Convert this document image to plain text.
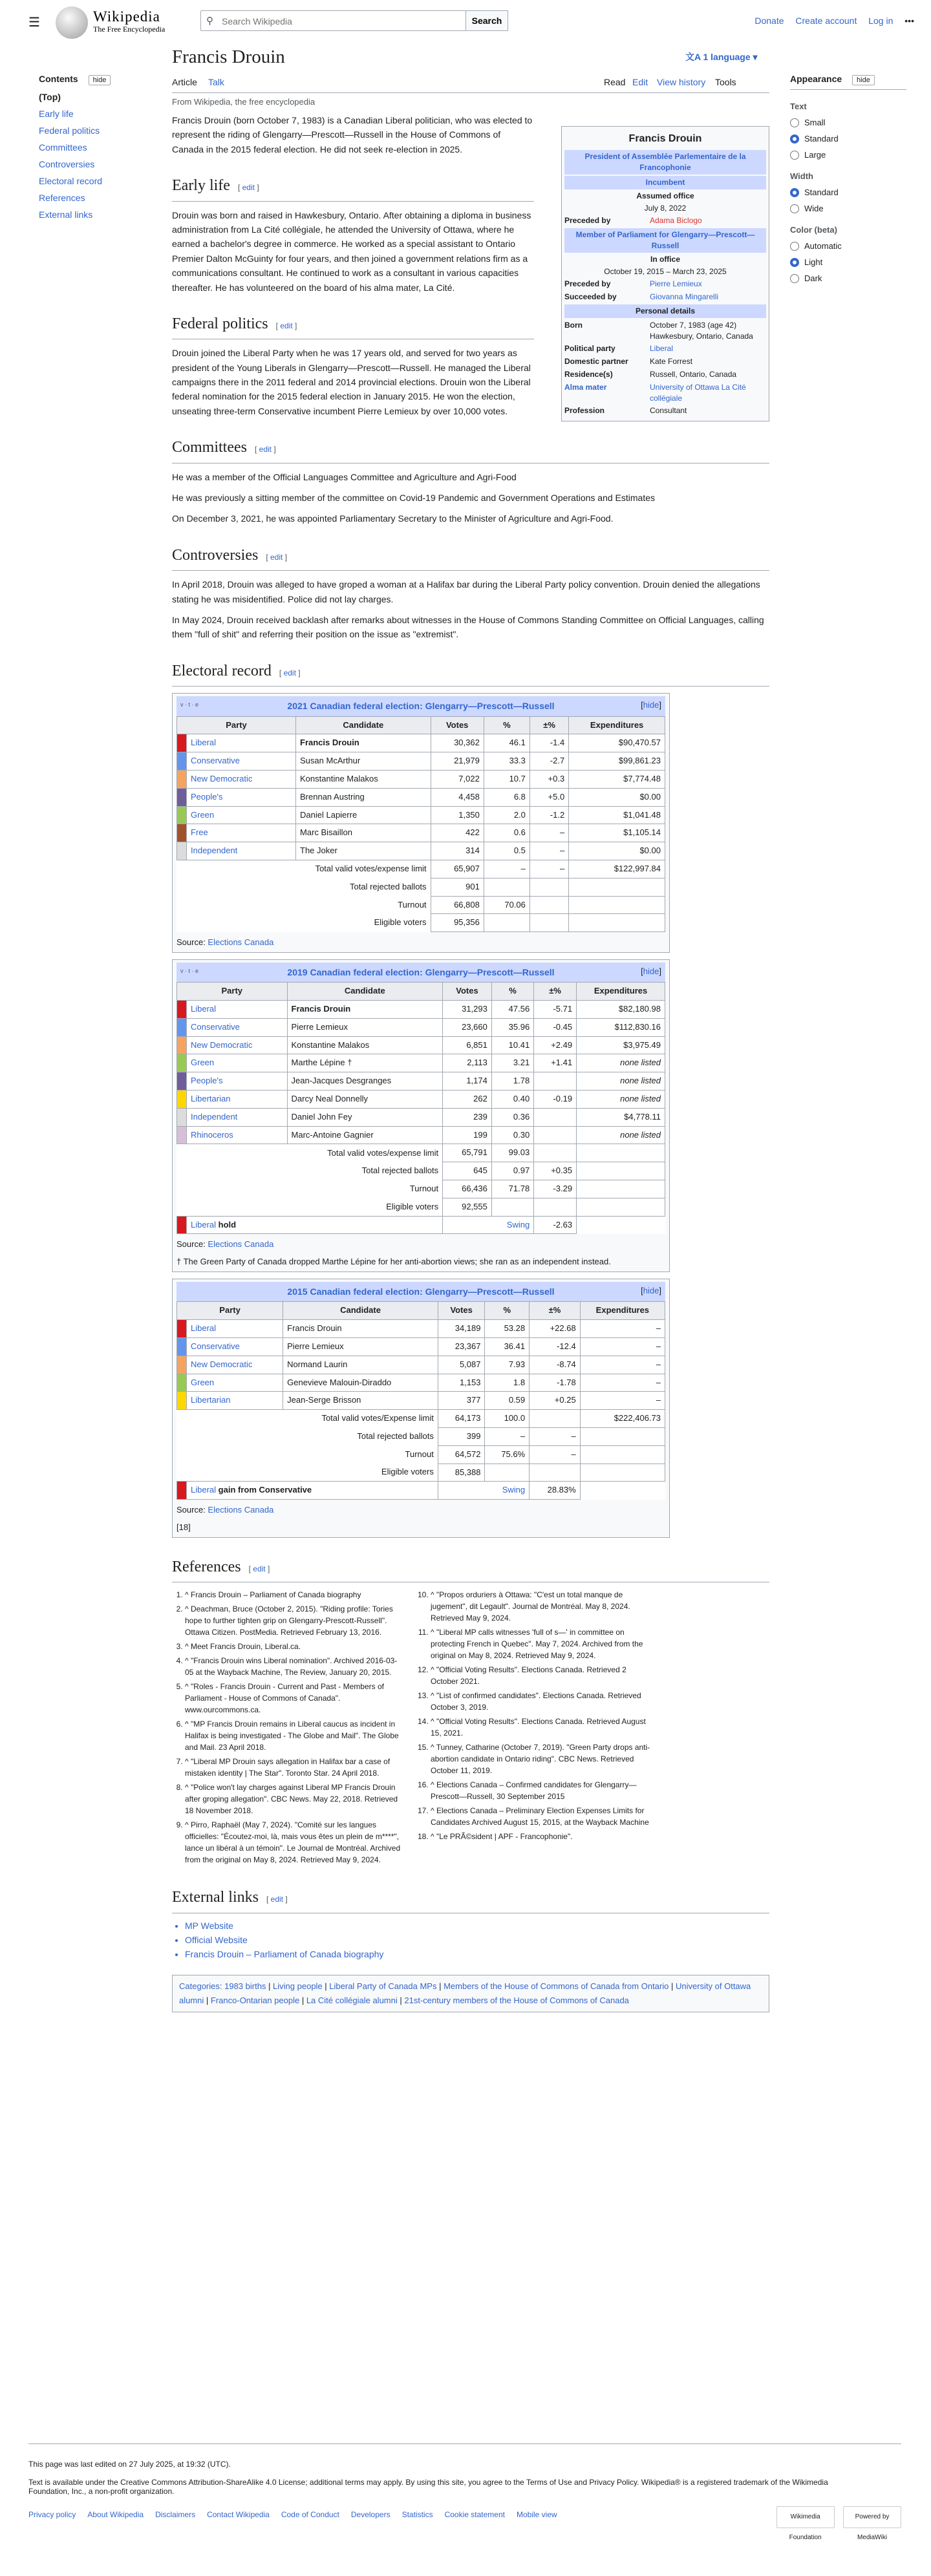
☰	Wikipedia
The Free Encyclopedia
⚲
Search Wikipedia	Search	Donate Create account Log in •••
Contents hide
(Top)
Early life
Federal politics
Committees
Controversies
Electoral record
References
External links
Appearance hide
Text
Small
Standard
Large
Width
Standard
Wide
Color (beta)
Automatic
Light
Dark
Francis Drouin	文A 1 language ▾
Article Talk	Read Edit View history Tools
From Wikipedia, the free encyclopedia
Francis Drouin
President of Assemblée Parlementaire de la Francophonie
Incumbent
Assumed office
July 8, 2022
Preceded by	Adama Biclogo
Member of Parliament for Glengarry—Prescott—Russell
In office
October 19, 2015 – March 23, 2025
Preceded by	Pierre Lemieux
Succeeded by	Giovanna Mingarelli
Personal details
Born	October 7, 1983 (age 42) Hawkesbury, Ontario, Canada
Political party	Liberal
Domestic partner	Kate Forrest
Residence(s)	Russell, Ontario, Canada
Alma mater	University of Ottawa La Cité collégiale
Profession	Consultant

Francis Drouin (born October 7, 1983) is a Canadian Liberal politician, who was elected to represent the riding of Glengarry—Prescott—Russell in the House of Commons of Canada in the 2015 federal election. He did not seek re-election in 2025.

Early life [ edit ]

Drouin was born and raised in Hawkesbury, Ontario. After obtaining a diploma in business administration from La Cité collégiale, he attended the University of Ottawa, where he earned a bachelor's degree in commerce. He worked as a special assistant to Ontario Premier Dalton McGuinty for four years, and then joined a government relations firm as a communications consultant. He continued to work as a consultant in various capacities thereafter. He has volunteered on the board of his alma mater, La Cité.

Federal politics [ edit ]

Drouin joined the Liberal Party when he was 17 years old, and served for two years as president of the Young Liberals in Glengarry—Prescott—Russell. He managed the Liberal campaigns there in the 2011 federal and 2014 provincial elections. Drouin won the Liberal federal nomination for the 2015 federal election in January 2015. He won the election, unseating three-term Conservative incumbent Pierre Lemieux by over 10,000 votes.

Committees [ edit ]

He was a member of the Official Languages Committee and Agriculture and Agri-Food

He was previously a sitting member of the committee on Covid-19 Pandemic and Government Operations and Estimates

On December 3, 2021, he was appointed Parliamentary Secretary to the Minister of Agriculture and Agri-Food.

Controversies [ edit ]

In April 2018, Drouin was alleged to have groped a woman at a Halifax bar during the Liberal Party policy convention. Drouin denied the allegations stating he was misidentified. Police did not lay charges.

In May 2024, Drouin received backlash after remarks about witnesses in the House of Commons Standing Committee on Official Languages, calling them "full of shit" and referring their position on the issue as "extremist".

Electoral record [ edit ]
v · t · e	2021 Canadian federal election: Glengarry—Prescott—Russell	[hide]
Party		Candidate	Votes	%	±%	Expenditures
	Liberal	Francis Drouin	30,362	46.1	-1.4	$90,470.57
	Conservative	Susan McArthur	21,979	33.3	-2.7	$99,861.23
	New Democratic	Konstantine Malakos	7,022	10.7	+0.3	$7,774.48
	People's	Brennan Austring	4,458	6.8	+5.0	$0.00
	Green	Daniel Lapierre	1,350	2.0	-1.2	$1,041.48
	Free	Marc Bisaillon	422	0.6	–	$1,105.14
	Independent	The Joker	314	0.5	–	$0.00
Total valid votes/expense limit			65,907	–	–	$122,997.84
Total rejected ballots			901			
Turnout			66,808	70.06		
Eligible voters			95,356			
Source: Elections Canada
v · t · e	2019 Canadian federal election: Glengarry—Prescott—Russell	[hide]
Party		Candidate	Votes	%	±%	Expenditures
	Liberal	Francis Drouin	31,293	47.56	-5.71	$82,180.98
	Conservative	Pierre Lemieux	23,660	35.96	-0.45	$112,830.16
	New Democratic	Konstantine Malakos	6,851	10.41	+2.49	$3,975.49
	Green	Marthe Lépine †	2,113	3.21	+1.41	none listed
	People's	Jean-Jacques Desgranges	1,174	1.78		none listed
	Libertarian	Darcy Neal Donnelly	262	0.40	-0.19	none listed
	Independent	Daniel John Fey	239	0.36		$4,778.11
	Rhinoceros	Marc-Antoine Gagnier	199	0.30		none listed
Total valid votes/expense limit			65,791	99.03		
Total rejected ballots			645	0.97	+0.35	
Turnout			66,436	71.78	-3.29	
Eligible voters			92,555			
	Liberal hold		Swing		-2.63	
Source: Elections Canada
† The Green Party of Canada dropped Marthe Lépine for her anti-abortion views; she ran as an independent instead.
2015 Canadian federal election: Glengarry—Prescott—Russell	[hide]
Party		Candidate	Votes	%	±%	Expenditures
	Liberal	Francis Drouin	34,189	53.28	+22.68	–
	Conservative	Pierre Lemieux	23,367	36.41	-12.4	–
	New Democratic	Normand Laurin	5,087	7.93	-8.74	–
	Green	Genevieve Malouin-Diraddo	1,153	1.8	-1.78	–
	Libertarian	Jean-Serge Brisson	377	0.59	+0.25	–
Total valid votes/Expense limit			64,173	100.0		$222,406.73
Total rejected ballots			399	–	–	
Turnout			64,572	75.6%	–	
Eligible voters			85,388			
	Liberal gain from Conservative		Swing		28.83%	
Source: Elections Canada
[18]
References [ edit ]
1. ^ Francis Drouin – Parliament of Canada biography
2. ^ Deachman, Bruce (October 2, 2015). "Riding profile: Tories hope to further tighten grip on Glengarry-Prescott-Russell". Ottawa Citizen. PostMedia. Retrieved February 13, 2016.
3. ^ Meet Francis Drouin, Liberal.ca.
4. ^ "Francis Drouin wins Liberal nomination". Archived 2016-03-05 at the Wayback Machine, The Review, January 20, 2015.
5. ^ "Roles - Francis Drouin - Current and Past - Members of Parliament - House of Commons of Canada". www.ourcommons.ca.
6. ^ "MP Francis Drouin remains in Liberal caucus as incident in Halifax is being investigated - The Globe and Mail". The Globe and Mail. 23 April 2018.
7. ^ "Liberal MP Drouin says allegation in Halifax bar a case of mistaken identity | The Star". Toronto Star. 24 April 2018.
8. ^ "Police won't lay charges against Liberal MP Francis Drouin after groping allegation". CBC News. May 22, 2018. Retrieved 18 November 2018.
9. ^ Pirro, Raphaël (May 7, 2024). "Comité sur les langues officielles: "Écoutez-moi, là, mais vous êtes un plein de m****", lance un libéral à un témoin". Le Journal de Montréal. Archived from the original on May 8, 2024. Retrieved May 9, 2024.
10. ^ "Propos orduriers à Ottawa: "C'est un total manque de jugement", dit Legault". Journal de Montréal. May 8, 2024. Retrieved May 9, 2024.
11. ^ "Liberal MP calls witnesses 'full of s—' in committee on protecting French in Quebec". May 7, 2024. Archived from the original on May 8, 2024. Retrieved May 9, 2024.
12. ^ "Official Voting Results". Elections Canada. Retrieved 2 October 2021.
13. ^ "List of confirmed candidates". Elections Canada. Retrieved October 3, 2019.
14. ^ "Official Voting Results". Elections Canada. Retrieved August 15, 2021.
15. ^ Tunney, Catharine (October 7, 2019). "Green Party drops anti-abortion candidate in Ontario riding". CBC News. Retrieved October 11, 2019.
16. ^ Elections Canada – Confirmed candidates for Glengarry—Prescott—Russell, 30 September 2015
17. ^ Elections Canada – Preliminary Election Expenses Limits for Candidates Archived August 15, 2015, at the Wayback Machine
18. ^ "Le PRÃ©sident | APF - Francophonie".
External links [ edit ]
• MP Website
• Official Website
• Francis Drouin – Parliament of Canada biography
Categories: 1983 births | Living people | Liberal Party of Canada MPs | Members of the House of Commons of Canada from Ontario | University of Ottawa alumni | Franco-Ontarian people | La Cité collégiale alumni | 21st-century members of the House of Commons of Canada
This page was last edited on 27 July 2025, at 19:32 (UTC).
Text is available under the Creative Commons Attribution-ShareAlike 4.0 License; additional terms may apply. By using this site, you agree to the Terms of Use and Privacy Policy. Wikipedia® is a registered trademark of the Wikimedia Foundation, Inc., a non-profit organization.
Privacy policy About Wikipedia Disclaimers Contact Wikipedia Code of Conduct Developers Statistics Cookie statement Mobile view	Wikimedia Foundation Powered by MediaWiki
